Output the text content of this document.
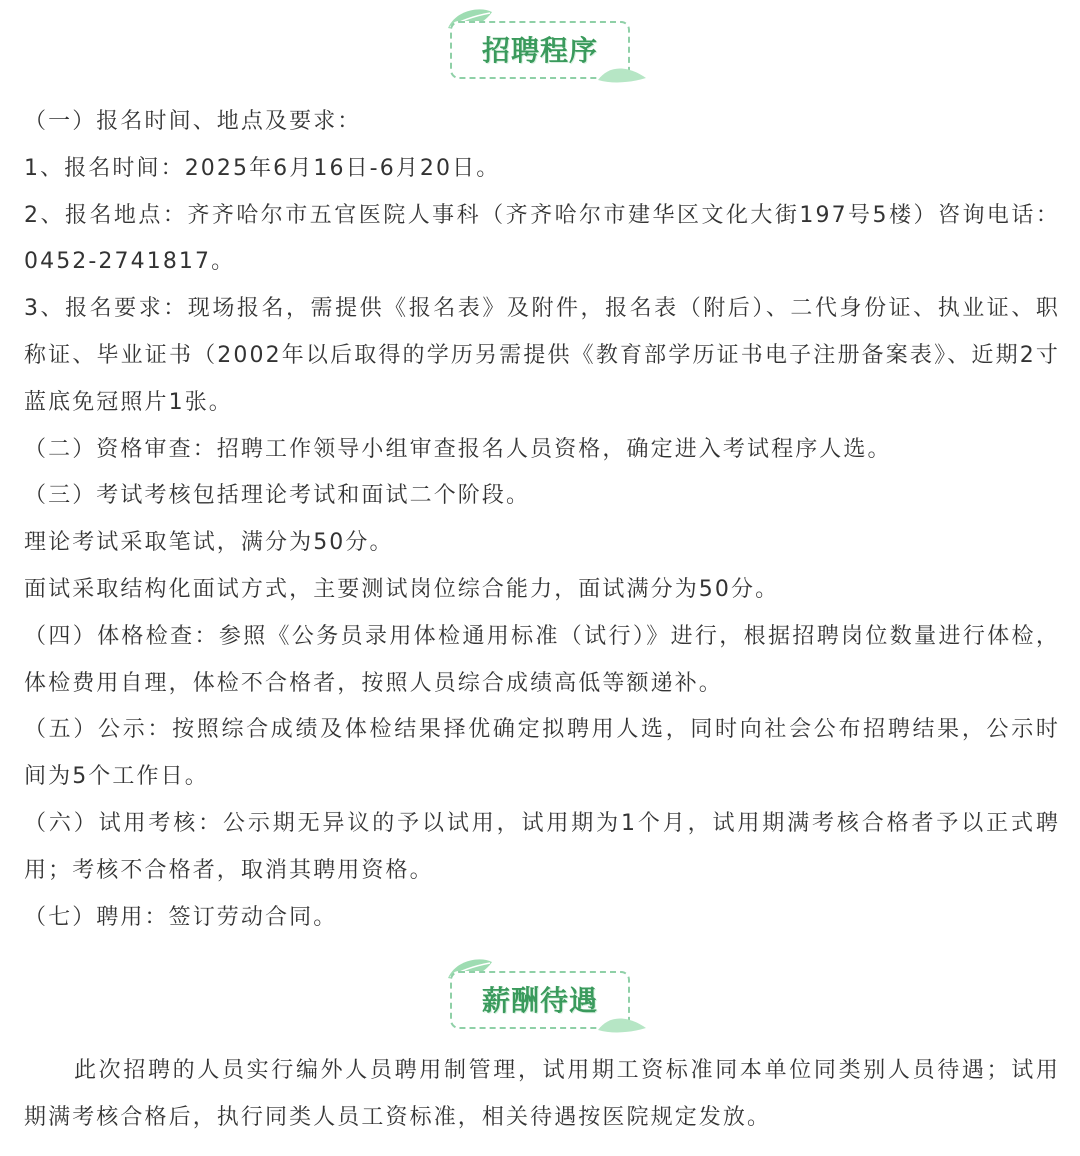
招聘程序

（一）报名时间、地点及要求：

1、报名时间：2025年6月16日-6月20日。

2、报名地点：齐齐哈尔市五官医院人事科（齐齐哈尔市建华区文化大街197号5楼）咨询电话：0452-2741817。

3、报名要求：现场报名，需提供《报名表》及附件，报名表（附后）、二代身份证、执业证、职称证、毕业证书（2002年以后取得的学历另需提供《教育部学历证书电子注册备案表》、近期2寸蓝底免冠照片1张。

（二）资格审查：招聘工作领导小组审查报名人员资格，确定进入考试程序人选。

（三）考试考核包括理论考试和面试二个阶段。

理论考试采取笔试，满分为50分。

面试采取结构化面试方式，主要测试岗位综合能力，面试满分为50分。

（四）体格检查：参照《公务员录用体检通用标准（试行）》进行，根据招聘岗位数量进行体检，体检费用自理，体检不合格者，按照人员综合成绩高低等额递补。

（五）公示：按照综合成绩及体检结果择优确定拟聘用人选，同时向社会公布招聘结果，公示时间为5个工作日。

（六）试用考核：公示期无异议的予以试用，试用期为1个月，试用期满考核合格者予以正式聘用；考核不合格者，取消其聘用资格。

（七）聘用：签订劳动合同。

薪酬待遇

此次招聘的人员实行编外人员聘用制管理，试用期工资标准同本单位同类别人员待遇；试用期满考核合格后，执行同类人员工资标准，相关待遇按医院规定发放。
